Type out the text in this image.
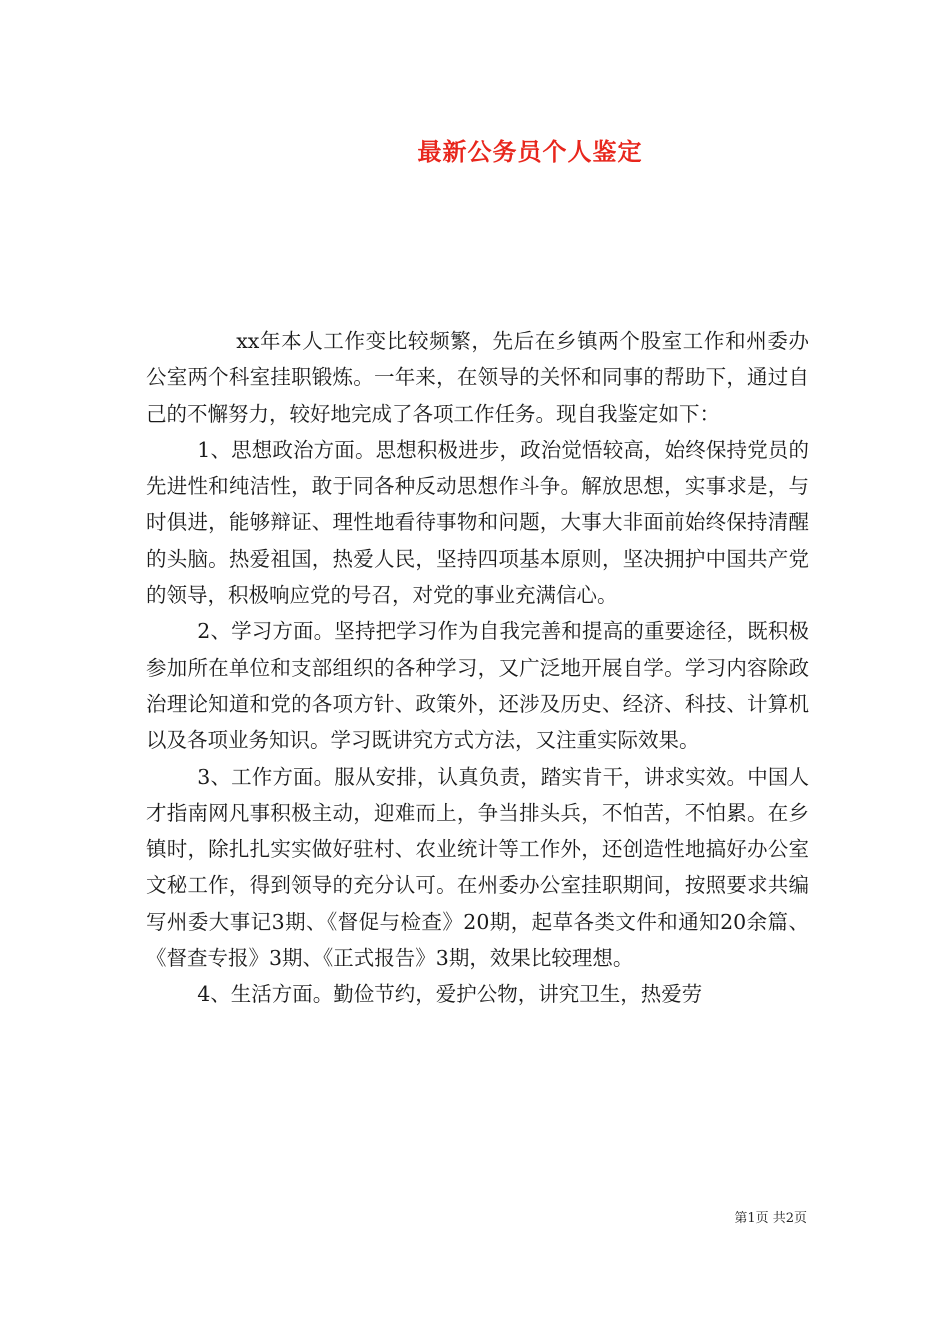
最新公务员个人鉴定

xx年本人工作变比较频繁，先后在乡镇两个股室工作和州委办公室两个科室挂职锻炼。一年来，在领导的关怀和同事的帮助下，通过自己的不懈努力，较好地完成了各项工作任务。现自我鉴定如下：

1、思想政治方面。思想积极进步，政治觉悟较高，始终保持党员的先进性和纯洁性，敢于同各种反动思想作斗争。解放思想，实事求是，与时俱进，能够辩证、理性地看待事物和问题，大事大非面前始终保持清醒的头脑。热爱祖国，热爱人民，坚持四项基本原则，坚决拥护中国共产党的领导，积极响应党的号召，对党的事业充满信心。

2、学习方面。坚持把学习作为自我完善和提高的重要途径，既积极参加所在单位和支部组织的各种学习，又广泛地开展自学。学习内容除政治理论知道和党的各项方针、政策外，还涉及历史、经济、科技、计算机以及各项业务知识。学习既讲究方式方法，又注重实际效果。

3、工作方面。服从安排，认真负责，踏实肯干，讲求实效。中国人才指南网凡事积极主动，迎难而上，争当排头兵，不怕苦，不怕累。在乡镇时，除扎扎实实做好驻村、农业统计等工作外，还创造性地搞好办公室文秘工作，得到领导的充分认可。在州委办公室挂职期间，按照要求共编写州委大事记3期、《督促与检查》20期，起草各类文件和通知20余篇、《督查专报》3期、《正式报告》3期，效果比较理想。

4、生活方面。勤俭节约，爱护公物，讲究卫生，热爱劳

第1页 共2页
